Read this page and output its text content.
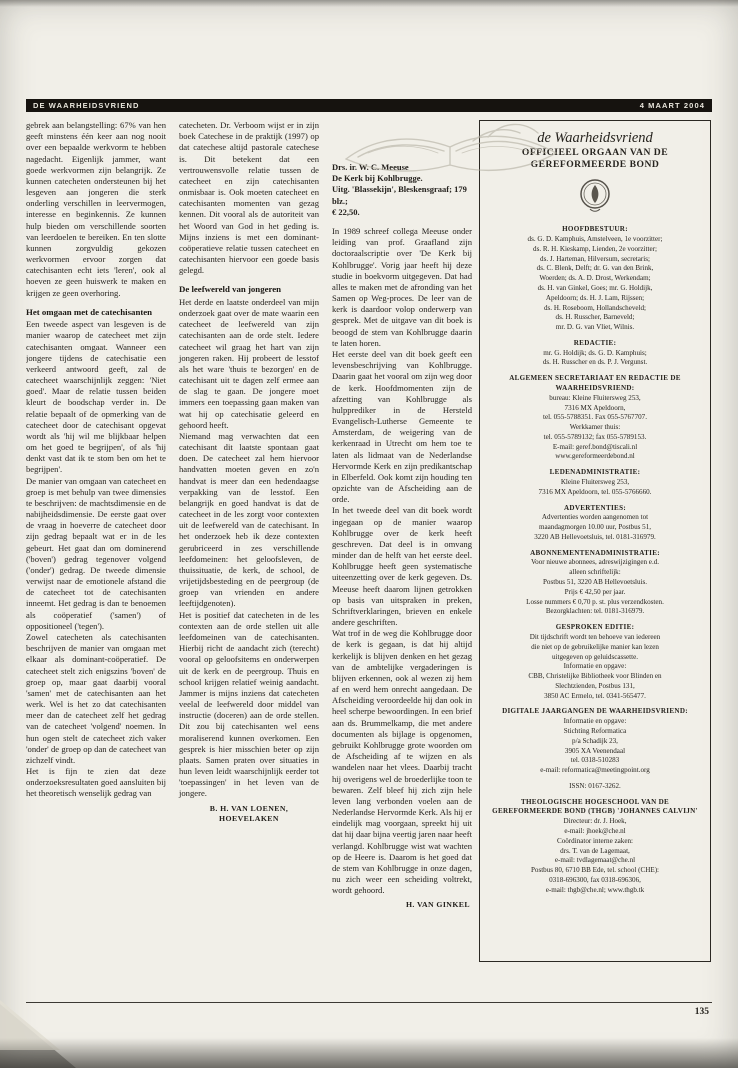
DE WAARHEIDSVRIEND	4 MAART 2004

gebrek aan belangstelling: 67% van hen geeft minstens één keer aan nog nooit over een bepaalde werkvorm te hebben nagedacht. Eigenlijk jammer, want goede werkvormen zijn belangrijk. Ze kunnen catecheten ondersteunen bij het lesgeven aan jongeren die sterk onderling verschillen in leervermogen, interesse en beginkennis. Ze kunnen hulp bieden om verschillende soorten van leerdoelen te bereiken. En ten slotte kunnen zorgvuldig gekozen werkvormen ervoor zorgen dat catechisanten echt iets 'leren', ook al hoeven ze geen huiswerk te maken en krijgen ze geen overhoring.

Het omgaan met de catechisanten

Een tweede aspect van lesgeven is de manier waarop de catecheet met zijn catechisanten omgaat. Wanneer een jongere tijdens de catechisatie een verkeerd antwoord geeft, zal de catecheet waarschijnlijk zeggen: 'Niet goed'. Maar de relatie tussen beiden kleurt de boodschap verder in. De relatie bepaalt of de opmerking van de catecheet door de catechisant opgevat wordt als 'hij wil me blijkbaar helpen om het goed te begrijpen', of als 'hij denkt vast dat ik te stom ben om het te begrijpen'.

De manier van omgaan van catecheet en groep is met behulp van twee dimensies te beschrijven: de machtsdimensie en de nabijheidsdimensie. De eerste gaat over de vraag in hoeverre de catecheet door zijn gedrag bepaalt wat er in de les gebeurt. Het gaat dan om dominerend ('boven') gedrag tegenover volgend ('onder') gedrag. De tweede dimensie verwijst naar de emotionele afstand die de catecheet tot de catechisanten inneemt. Het gedrag is dan te benoemen als coöperatief ('samen') of oppositioneel ('tegen').

Zowel catecheten als catechisanten beschrijven de manier van omgaan met elkaar als dominant-coöperatief. De catecheet stelt zich enigszins 'boven' de groep op, maar gaat daarbij vooral 'samen' met de catechisanten aan het werk. Wel is het zo dat catechisanten meer dan de catecheet zelf het gedrag van de catecheet 'volgend' noemen. In hun ogen stelt de catecheet zich vaker 'onder' de groep op dan de catecheet van zichzelf vindt.

Het is fijn te zien dat deze onderzoeksresultaten goed aansluiten bij het theoretisch wenselijk gedrag van

catecheten. Dr. Verboom wijst er in zijn boek Catechese in de praktijk (1997) op dat catechese altijd pastorale catechese is. Dit betekent dat een vertrouwensvolle relatie tussen de catecheet en zijn catechisanten onmisbaar is. Ook moeten catecheet en catechisanten momenten van gezag kennen. Dit vooral als de autoriteit van het Woord van God in het geding is. Mijns inziens is met een dominant-coöperatieve relatie tussen catecheet en catechisanten hiervoor een goede basis gelegd.

De leefwereld van jongeren

Het derde en laatste onderdeel van mijn onderzoek gaat over de mate waarin een catecheet de leefwereld van zijn catechisanten aan de orde stelt. Iedere catecheet wil graag het hart van zijn jongeren raken. Hij probeert de lesstof als het ware 'thuis te bezorgen' en de catechisant uit te dagen zelf ermee aan de slag te gaan. De jongere moet immers een toepassing gaan maken van wat hij op catechisatie geleerd en gehoord heeft.

Niemand mag verwachten dat een catechisant dit laatste spontaan gaat doen. De catecheet zal hem hiervoor handvatten moeten geven en zo'n handvat is meer dan een hedendaagse verpakking van de lesstof. Een belangrijk en goed handvat is dat de catecheet in de les zorgt voor contexten uit de leefwereld van de catechisant. In het onderzoek heb ik deze contexten gerubriceerd in zes verschillende leefdomeinen: het geloofsleven, de thuissituatie, de kerk, de school, de vrijetijdsbesteding en de peergroup (de groep van vrienden en andere leeftijdgenoten).

Het is positief dat catecheten in de les contexten aan de orde stellen uit alle leefdomeinen van de catechisanten. Hierbij richt de aandacht zich (terecht) vooral op geloofsitems en onderwerpen uit de kerk en de peergroup. Thuis en school krijgen relatief weinig aandacht. Jammer is mijns inziens dat catecheten veelal de leefwereld door middel van instructie (doceren) aan de orde stellen. Dit zou bij catechisanten wel eens moraliserend kunnen overkomen. Een gesprek is hier misschien beter op zijn plaats. Samen praten over situaties in hun leven leidt waarschijnlijk eerder tot 'toepassingen' in het leven van de jongere.

B. H. VAN LOENEN, HOEVELAKEN
Drs. ir. W. C. Meeuse
De Kerk bij Kohlbrugge.
Uitg. 'Blassekijn', Bleskensgraaf; 179 blz.;
€ 22,50.

In 1989 schreef collega Meeuse onder leiding van prof. Graafland zijn doctoraalscriptie over 'De Kerk bij Kohlbrugge'. Vorig jaar heeft hij deze studie in boekvorm uitgegeven. Dat had alles te maken met de afronding van het Samen op Weg-proces. De leer van de kerk is daardoor volop onderwerp van gesprek. Met de uitgave van dit boek is beoogd de stem van Kohlbrugge daarin te laten horen.

Het eerste deel van dit boek geeft een levensbeschrijving van Kohlbrugge. Daarin gaat het vooral om zijn weg door de kerk. Hoofdmomenten zijn de afzetting van Kohlbrugge als hulpprediker in de Hersteld Evangelisch-Lutherse Gemeente te Amsterdam, de weigering van de kerkenraad in Utrecht om hem toe te laten als lidmaat van de Nederlandse Hervormde Kerk en zijn predikantschap in Elberfeld. Ook komt zijn houding ten opzichte van de Afscheiding aan de orde.

In het tweede deel van dit boek wordt ingegaan op de manier waarop Kohlbrugge over de kerk heeft geschreven. Dat deel is in omvang minder dan de helft van het eerste deel. Kohlbrugge heeft geen systematische uiteenzetting over de kerk gegeven. Ds. Meeuse heeft daarom lijnen getrokken op basis van uitspraken in preken, Schriftverklaringen, brieven en enkele andere geschriften.

Wat trof in de weg die Kohlbrugge door de kerk is gegaan, is dat hij altijd kerkelijk is blijven denken en het gezag van de ambtelijke vergaderingen is blijven erkennen, ook al wezen zij hem af en werd hem onrecht aangedaan. De Afscheiding veroordeelde hij dan ook in heel scherpe bewoordingen. In een brief aan ds. Brummelkamp, die met andere documenten als bijlage is opgenomen, gebruikt Kohlbrugge grote woorden om de Afscheiding af te wijzen en als wandelen naar het vlees. Daarbij tracht hij overigens wel de broederlijke toon te bewaren. Zelf bleef hij zich zijn hele leven lang verbonden voelen aan de Nederlandse Hervormde Kerk. Als hij er eindelijk mag voorgaan, spreekt hij uit dat hij daar bijna veertig jaren naar heeft verlangd. Kohlbrugge wist wat wachten op de Heere is. Daarom is het goed dat de stem van Kohlbrugge in onze dagen, nu zich weer een scheiding voltrekt, wordt gehoord.

H. VAN GINKEL
de Waarheidsvriend
OFFICIEEL ORGAAN VAN DE
GEREFORMEERDE BOND
HOOFDBESTUUR:
ds. G. D. Kamphuis, Amstelveen, 1e voorzitter;
ds. R. H. Kieskamp, Lienden, 2e voorzitter;
ds. J. Harteman, Hilversum, secretaris;
ds. C. Blenk, Delft; dr. G. van den Brink,
Woerden; ds. A. D. Drost, Werkendam;
ds. H. van Ginkel, Goes; mr. G. Holdijk,
Apeldoorn; ds. H. J. Lam, Rijssen;
ds. H. Roseboom, Hollandscheveld;
ds. H. Russcher, Barneveld;
mr. D. G. van Vliet, Wilnis.
REDACTIE:
mr. G. Holdijk; ds. G. D. Kamphuis;
ds. H. Russcher en ds. P. J. Vergunst.
ALGEMEEN SECRETARIAAT EN REDACTIE DE WAARHEIDSVRIEND:
bureau: Kleine Fluitersweg 253,
7316 MX Apeldoorn,
tel. 055-5788351. Fax 055-5767707.
Werkkamer thuis:
tel. 055-5789132; fax 055-5789153.
E-mail: geref.bond@tiscali.nl
www.gereformeerdebond.nl
LEDENADMINISTRATIE:
Kleine Fluitersweg 253,
7316 MX Apeldoorn, tel. 055-5766660.
ADVERTENTIES:
Advertenties worden aangenomen tot
maandagmorgen 10.00 uur, Postbus 51,
3220 AB Hellevoetsluis, tel. 0181-316979.
ABONNEMENTENADMINISTRATIE:
Voor nieuwe abonnees, adreswijzigingen e.d.
alleen schriftelijk:
Postbus 51, 3220 AB Hellevoetsluis.
Prijs € 42,50 per jaar.
Losse nummers € 0,70 p. st. plus verzendkosten.
Bezorgklachten: tel. 0181-316979.
GESPROKEN EDITIE:
Dit tijdschrift wordt ten behoeve van iedereen
die niet op de gebruikelijke manier kan lezen
uitgegeven op geluidscassette.
Informatie en opgave:
CBB, Christelijke Bibliotheek voor Blinden en
Slechtzienden, Postbus 131,
3850 AC Ermelo, tel. 0341-565477.
DIGITALE JAARGANGEN DE WAARHEIDSVRIEND:
Informatie en opgave:
Stichting Reformatica
p/a Schadijk 23,
3905 XA Veenendaal
tel. 0318-510283
e-mail: reformatica@meetingpoint.org
ISSN: 0167-3262.
THEOLOGISCHE HOGESCHOOL VAN DE GEREFORMEERDE BOND (THGB) 'JOHANNES CALVIJN'
Directeur: dr. J. Hoek,
e-mail: jhoek@che.nl
Coördinator interne zaken:
drs. T. van de Lagemaat,
e-mail: tvdlagemaat@che.nl
Postbus 80, 6710 BB Ede, tel. school (CHE):
0318-696300, fax 0318-696306,
e-mail: thgb@che.nl; www.thgb.tk
135
